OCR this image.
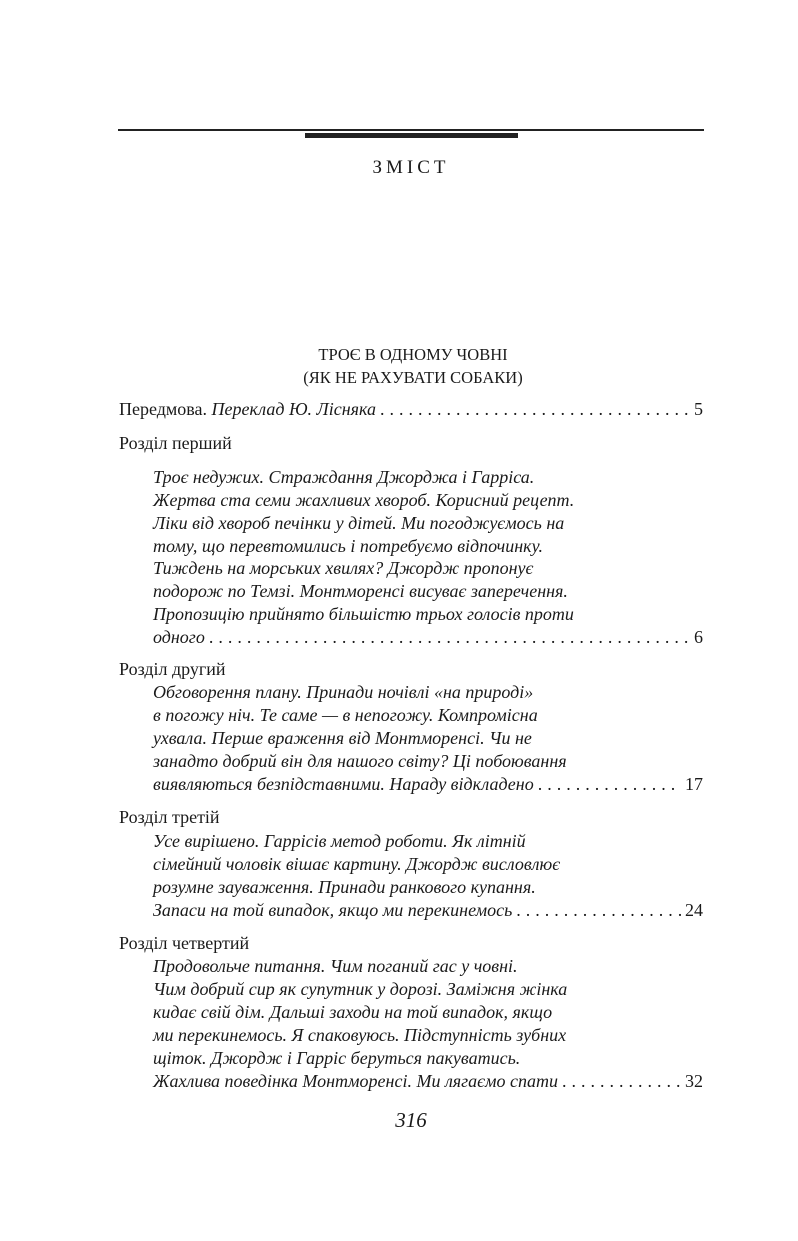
ЗМІСТ
ТРОЄ В ОДНОМУ ЧОВНІ
(ЯК НЕ РАХУВАТИ СОБАКИ)
Передмова.
Переклад Ю. Лісняка . . .	5
Розділ перший
Троє недужих. Страждання Джорджа і Гарріса.
Жертва ста семи жахливих хвороб. Корисний рецепт.
Ліки від хвороб печінки у дітей. Ми погоджуємось на
тому, що перевтомились і потребуємо відпочинку.
Тиждень на морських хвилях? Джордж пропонує
подорож по Темзі. Монтморенсі висуває заперечення.
Пропозицію прийнято більшістю трьох голосів проти
одного . . .	6
Розділ другий
Обговорення плану. Принади ночівлі «на природі»
в погожу ніч. Те саме — в непогожу. Компромісна
ухвала. Перше враження від Монтморенсі. Чи не
занадто добрий він для нашого світу? Ці побоювання
виявляються безпідставними. Нараду відкладено . . .	17
Розділ третій
Усе вирішено. Гаррісів метод роботи. Як літній
сімейний чоловік вішає картину. Джордж висловлює
розумне зауваження. Принади ранкового купання.
Запаси на той випадок, якщо ми перекинемось . . .	24
Розділ четвертий
Продовольче питання. Чим поганий гас у човні.
Чим добрий сир як супутник у дорозі. Заміжня жінка
кидає свій дім. Дальші заходи на той випадок, якщо
ми перекинемось. Я спаковуюсь. Підступність зубних
щіток. Джордж і Гарріс беруться пакуватись.
Жахлива поведінка Монтморенсі. Ми лягаємо спати . . .	32
316
